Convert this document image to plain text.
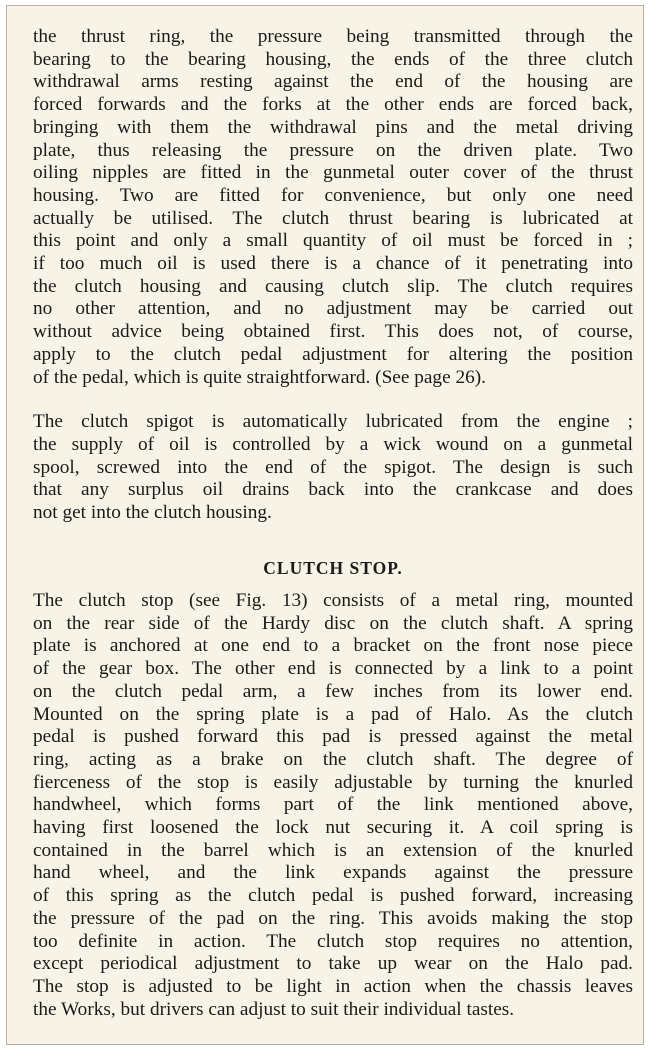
the thrust ring, the pressure being transmitted through the
bearing to the bearing housing, the ends of the three clutch
withdrawal arms resting against the end of the housing are
forced forwards and the forks at the other ends are forced back,
bringing with them the withdrawal pins and the metal driving
plate, thus releasing the pressure on the driven plate. Two
oiling nipples are fitted in the gunmetal outer cover of the thrust
housing. Two are fitted for convenience, but only one need
actually be utilised. The clutch thrust bearing is lubricated at
this point and only a small quantity of oil must be forced in ;
if too much oil is used there is a chance of it penetrating into
the clutch housing and causing clutch slip. The clutch requires
no other attention, and no adjustment may be carried out
without advice being obtained first. This does not, of course,
apply to the clutch pedal adjustment for altering the position
of the pedal, which is quite straightforward. (See page 26).
The clutch spigot is automatically lubricated from the engine ;
the supply of oil is controlled by a wick wound on a gunmetal
spool, screwed into the end of the spigot. The design is such
that any surplus oil drains back into the crankcase and does
not get into the clutch housing.
CLUTCH STOP.
The clutch stop (see Fig. 13) consists of a metal ring, mounted
on the rear side of the Hardy disc on the clutch shaft. A spring
plate is anchored at one end to a bracket on the front nose piece
of the gear box. The other end is connected by a link to a point
on the clutch pedal arm, a few inches from its lower end.
Mounted on the spring plate is a pad of Halo. As the clutch
pedal is pushed forward this pad is pressed against the metal
ring, acting as a brake on the clutch shaft. The degree of
fierceness of the stop is easily adjustable by turning the knurled
handwheel, which forms part of the link mentioned above,
having first loosened the lock nut securing it. A coil spring is
contained in the barrel which is an extension of the knurled
hand wheel, and the link expands against the pressure
of this spring as the clutch pedal is pushed forward, increasing
the pressure of the pad on the ring. This avoids making the stop
too definite in action. The clutch stop requires no attention,
except periodical adjustment to take up wear on the Halo pad.
The stop is adjusted to be light in action when the chassis leaves
the Works, but drivers can adjust to suit their individual tastes.
